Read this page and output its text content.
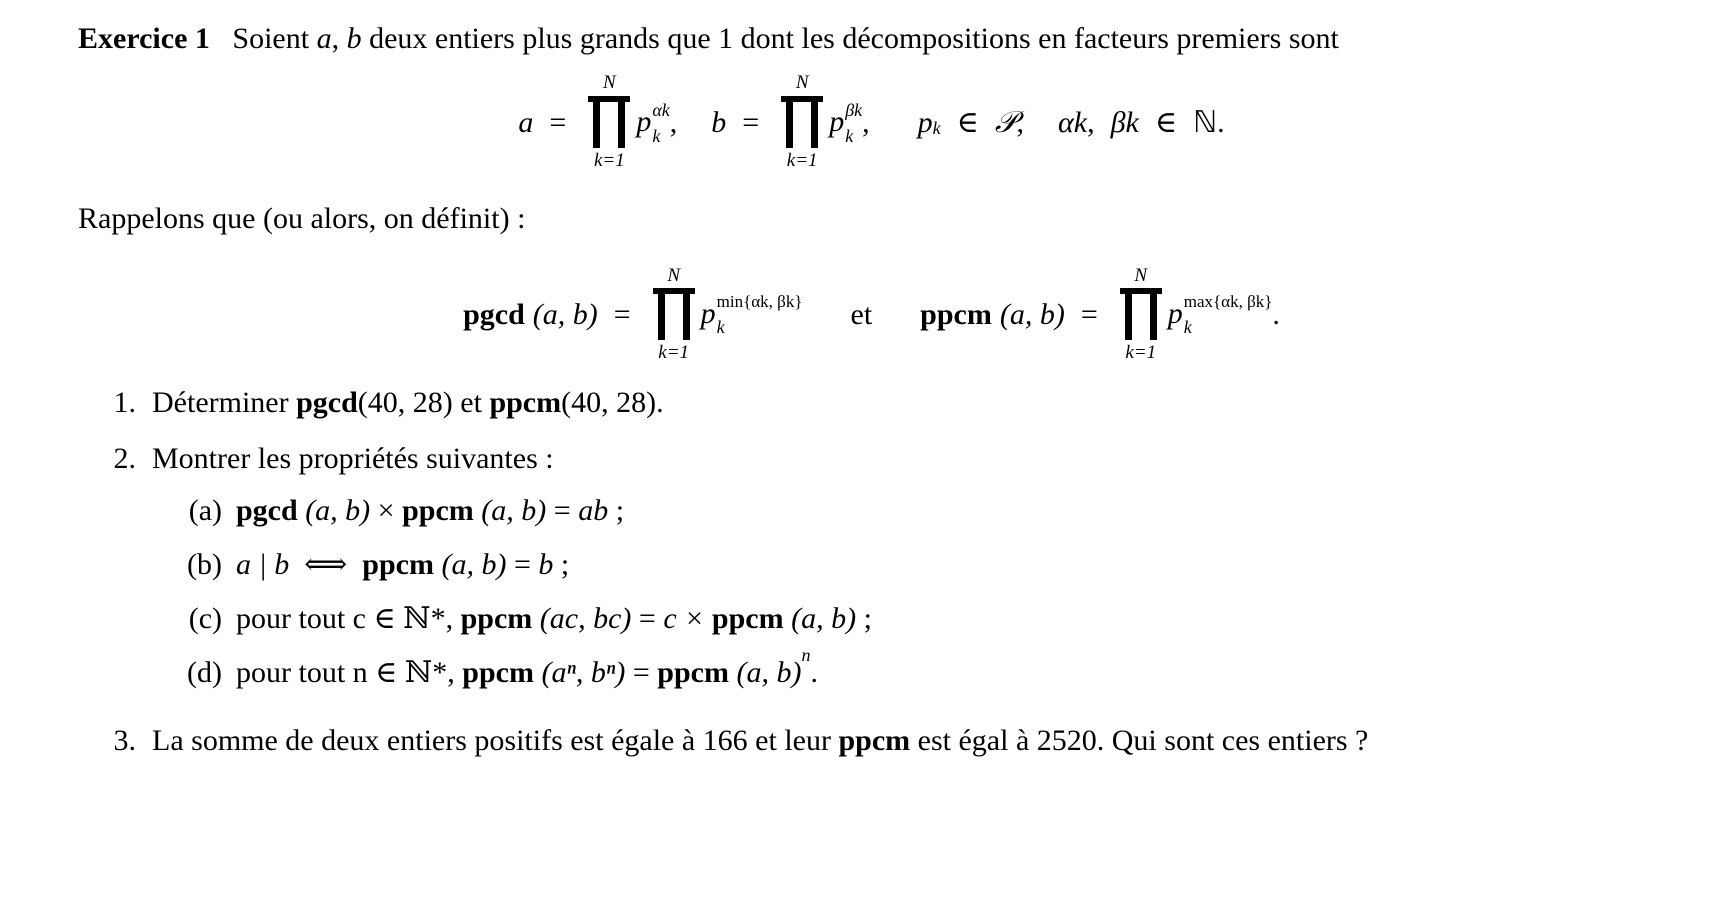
Exercice 1 Soient a, b deux entiers plus grands que 1 dont les décompositions en facteurs premiers sont
a =
N
k=1
p αk
k , b =
N
k=1
p βk
k , p k ∈ 𝒫 , αk , βk ∈ ℕ.
Rappelons que (ou alors, on définit) :
pgcd (a, b) =
N
k=1
p min{αk, βk}
k	et ppcm (a, b) =
N
k=1
p max{αk, βk}
k	.
1. Déterminer pgcd(40, 28) et ppcm(40, 28).
2. Montrer les propriétés suivantes :
(a) pgcd (a, b) × ppcm (a, b) = ab ;
(b) a | b ⟺ ppcm (a, b) = b ;
(c) pour tout c ∈ ℕ*, ppcm (ac, bc) = c × ppcm (a, b) ;
(d) pour tout n ∈ ℕ*, ppcm (aⁿ, bⁿ) = ppcm (a, b)$^n$.
3. La somme de deux entiers positifs est égale à 166 et leur ppcm est égal à 2520. Qui sont ces entiers ?
